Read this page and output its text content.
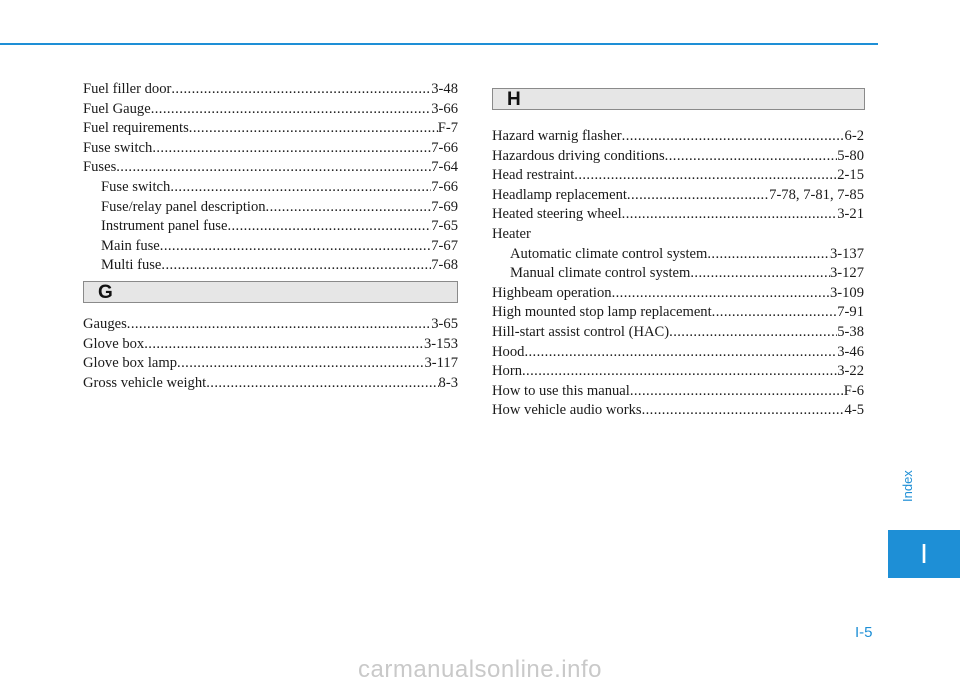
Fuel filler door .....	3-48
Fuel Gauge .....	3-66
Fuel requirements .....	F-7
Fuse switch .....	7-66
Fuses .....	7-64
Fuse switch .....	7-66
Fuse/relay panel description .....	7-69
Instrument panel fuse .....	7-65
Main fuse .....	7-67
Multi fuse .....	7-68
G
Gauges .....	3-65
Glove box .....	3-153
Glove box lamp .....	3-117
Gross vehicle weight .....	8-3
H
Hazard warnig flasher .....	6-2
Hazardous driving conditions .....	5-80
Head restraint .....	2-15
Headlamp replacement .....	7-78, 7-81, 7-85
Heated steering wheel .....	3-21
Heater
Automatic climate control system .....	3-137
Manual climate control system .....	3-127
Highbeam operation .....	3-109
High mounted stop lamp replacement .....	7-91
Hill-start assist control (HAC) .....	5-38
Hood .....	3-46
Horn .....	3-22
How to use this manual .....	F-6
How vehicle audio works .....	4-5
Index
I
I-5
carmanualsonline.info
